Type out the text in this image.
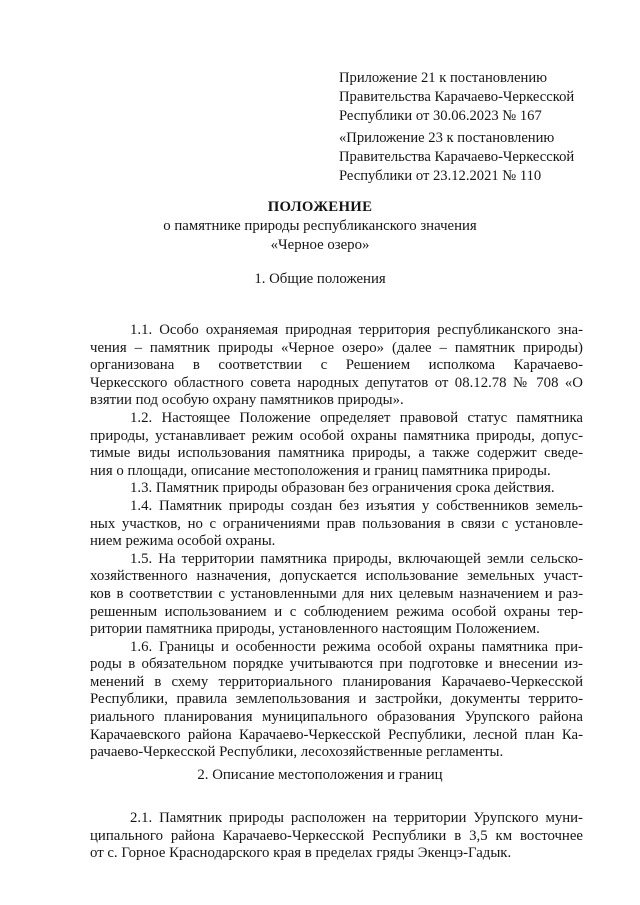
Приложение 21 к постановлению
Правительства Карачаево-Черкесской
Республики от 30.06.2023 № 167
«Приложение 23 к постановлению
Правительства Карачаево-Черкесской
Республики от 23.12.2021 № 110
ПОЛОЖЕНИЕ
о памятнике природы республиканского значения
«Черное озеро»
1. Общие положения
1.1. Особо охраняемая природная территория республиканского зна-
чения – памятник природы «Черное озеро» (далее – памятник природы)
организована в соответствии с Решением исполкома Карачаево-
Черкесского областного совета народных депутатов от 08.12.78 № 708 «О
взятии под особую охрану памятников природы».
1.2. Настоящее Положение определяет правовой статус памятника
природы, устанавливает режим особой охраны памятника природы, допус-
тимые виды использования памятника природы, а также содержит сведе-
ния о площади, описание местоположения и границ памятника природы.
1.3. Памятник природы образован без ограничения срока действия.
1.4. Памятник природы создан без изъятия у собственников земель-
ных участков, но с ограничениями прав пользования в связи с установле-
нием режима особой охраны.
1.5. На территории памятника природы, включающей земли сельско-
хозяйственного назначения, допускается использование земельных участ-
ков в соответствии с установленными для них целевым назначением и раз-
решенным использованием и с соблюдением режима особой охраны тер-
ритории памятника природы, установленного настоящим Положением.
1.6. Границы и особенности режима особой охраны памятника при-
роды в обязательном порядке учитываются при подготовке и внесении из-
менений в схему территориального планирования Карачаево-Черкесской
Республики, правила землепользования и застройки, документы террито-
риального планирования муниципального образования Урупского района
Карачаевского района Карачаево-Черкесской Республики, лесной план Ка-
рачаево-Черкесской Республики, лесохозяйственные регламенты.
2. Описание местоположения и границ
2.1. Памятник природы расположен на территории Урупского муни-
ципального района Карачаево-Черкесской Республики в 3,5 км восточнее
от с. Горное Краснодарского края в пределах гряды Экенцэ-Гадык.
